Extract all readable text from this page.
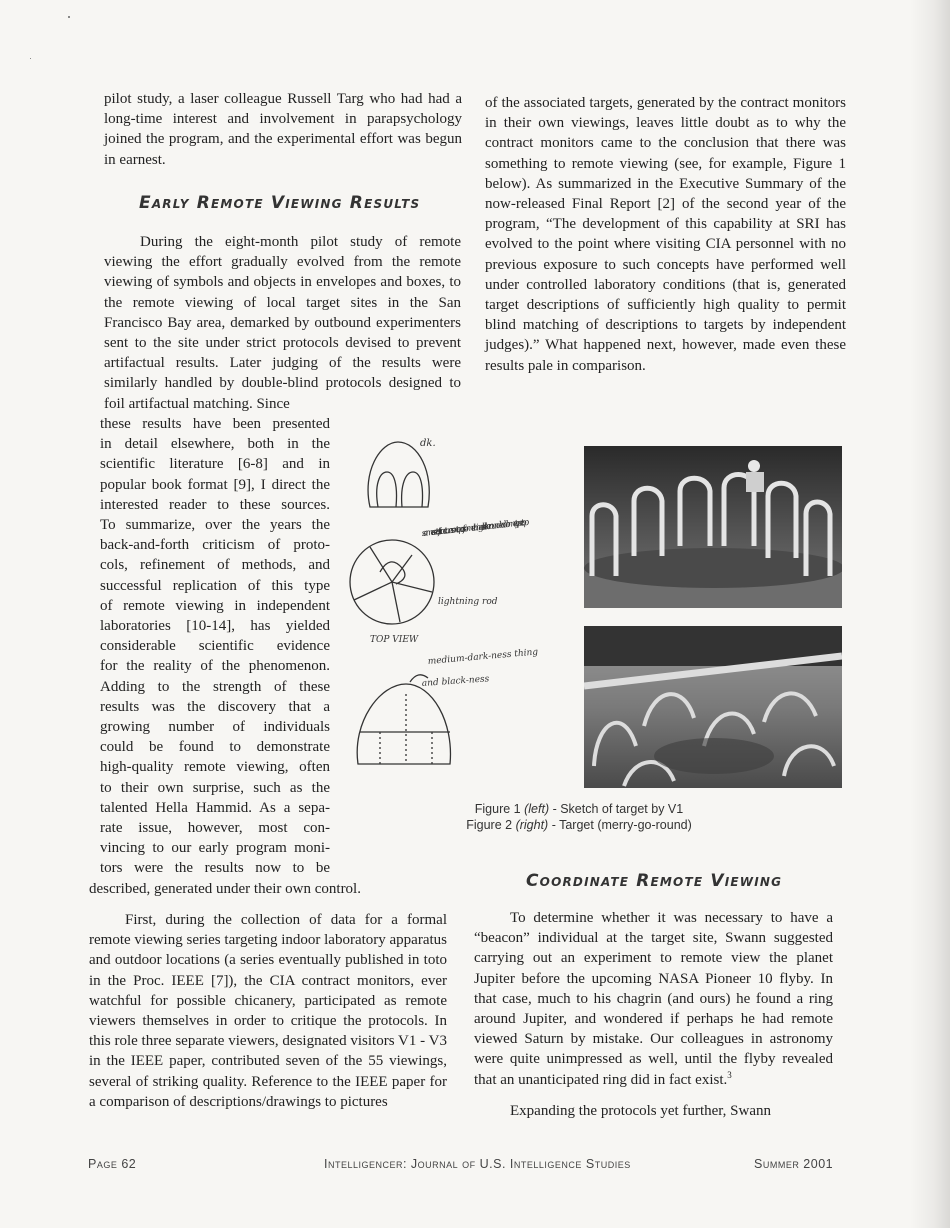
pilot study, a laser colleague Russell Targ who had had a long-time interest and involvement in parapsychology joined the program, and the experimental effort was begun in earnest.

Early Remote Viewing Results

During the eight-month pilot study of remote viewing the effort gradually evolved from the remote viewing of symbols and objects in envelopes and boxes, to the remote viewing of local target sites in the San Francisco Bay area, demarked by outbound experimenters sent to the site under strict protocols devised to prevent artifactual results. Later judging of the results were similarly handled by double-blind protocols designed to foil artifactual matching. Since

these results have been presented
in detail elsewhere, both in the
scientific literature [6-8] and in
popular book format [9], I direct the
interested reader to these sources.
To summarize, over the years the
back-and-forth criticism of proto-
cols, refinement of methods, and
successful replication of this type
of remote viewing in independent
laboratories [10-14], has yielded
considerable scientific evidence
for the reality of the phenomenon.
Adding to the strength of these
results was the discovery that a
growing number of individuals
could be found to demonstrate
high-quality remote viewing, often
to their own surprise, such as the
talented Hella Hammid. As a sepa-
rate issue, however, most con-
vincing to our early program moni-
tors were the results now to be
described, generated under their own control.

First, during the collection of data for a formal remote viewing series targeting indoor laboratory apparatus and outdoor locations (a series eventually published in toto in the Proc. IEEE [7]), the CIA contract monitors, ever watchful for possible chicanery, participated as remote viewers themselves in order to critique the protocols. In this role three separate viewers, designated visitors V1 - V3 in the IEEE paper, contributed seven of the 55 viewings, several of striking quality. Reference to the IEEE paper for a comparison of descriptions/drawings to pictures

of the associated targets, generated by the contract monitors in their own viewings, leaves little doubt as to why the contract monitors came to the conclusion that there was something to remote viewing (see, for example, Figure 1 below). As summarized in the Executive Summary of the now-released Final Report [2] of the second year of the program, “The development of this capability at SRI has evolved to the point where visiting CIA personnel with no previous exposure to such concepts have performed well under controlled laboratory conditions (that is, generated target descriptions of sufficiently high quality to permit blind matching of descriptions to targets by independent judges).” What happened next, however, made even these results pale in comparison.

dk.
same set of structures on top of something else like rounded dome-type top
lightning rod
TOP VIEW
medium-dark-ness thing
and black-ness
Figure 1 (left) - Sketch of target by V1
Figure 2 (right) - Target (merry-go-round)
Coordinate Remote Viewing

To determine whether it was necessary to have a “beacon” individual at the target site, Swann suggested carrying out an experiment to remote view the planet Jupiter before the upcoming NASA Pioneer 10 flyby. In that case, much to his chagrin (and ours) he found a ring around Jupiter, and wondered if perhaps he had remote viewed Saturn by mistake. Our colleagues in astronomy were quite unimpressed as well, until the flyby revealed that an unanticipated ring did in fact exist.$^3$

Expanding the protocols yet further, Swann

Page 62	Intelligencer: Journal of U.S. Intelligence Studies	Summer 2001
